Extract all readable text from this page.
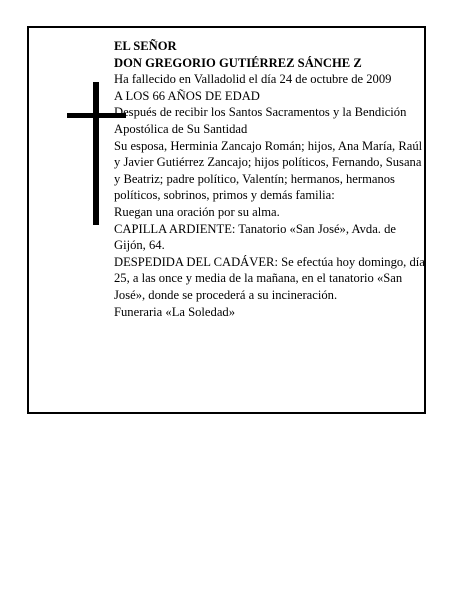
EL SEÑOR

DON GREGORIO GUTIÉRREZ SÁNCHE Z

Ha fallecido en Valladolid el día 24 de octubre de 2009

A LOS 66 AÑOS DE EDAD

Después de recibir los Santos Sacramentos y la Bendición Apostólica de Su Santidad

Su esposa, Herminia Zancajo Román; hijos, Ana María, Raúl y Javier Gutiérrez Zancajo; hijos políticos, Fernando, Susana y Beatriz; padre político, Valentín; hermanos, hermanos políticos, sobrinos, primos y demás familia:

Ruegan una oración por su alma.

CAPILLA ARDIENTE: Tanatorio «San José», Avda. de Gijón, 64.

DESPEDIDA DEL CADÁVER: Se efectúa hoy domingo, día 25, a las once y media de la mañana, en el tanatorio «San José», donde se procederá a su incineración.

Funeraria «La Soledad»
